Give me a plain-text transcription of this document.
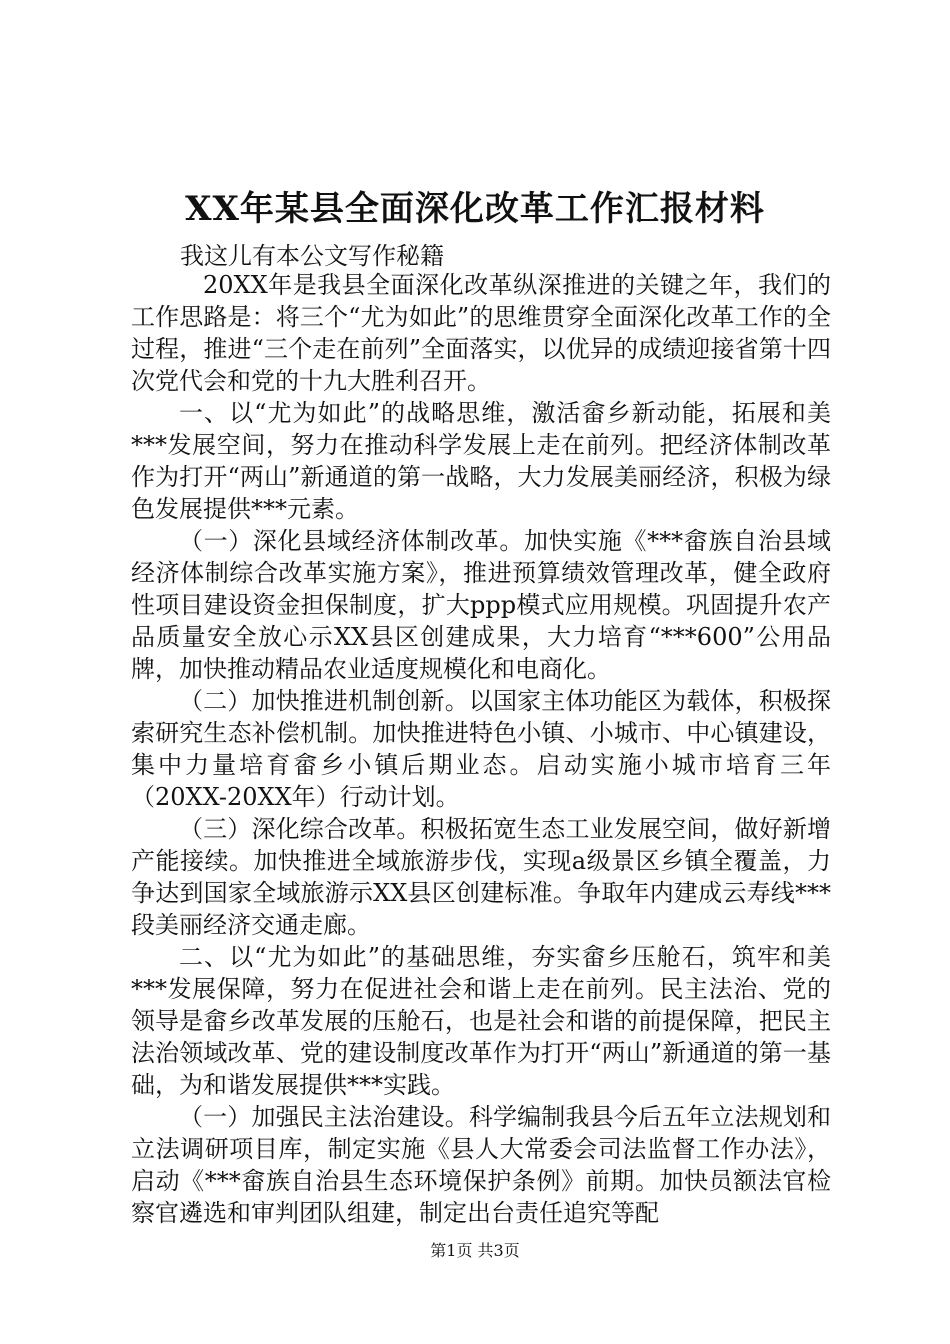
XX年某县全面深化改革工作汇报材料

我这儿有本公文写作秘籍

20XX年是我县全面深化改革纵深推进的关键之年，我们的工作思路是：将三个“尤为如此”的思维贯穿全面深化改革工作的全过程，推进“三个走在前列”全面落实，以优异的成绩迎接省第十四次党代会和党的十九大胜利召开。

一、以“尤为如此”的战略思维，激活畲乡新动能，拓展和美***发展空间，努力在推动科学发展上走在前列。把经济体制改革作为打开“两山”新通道的第一战略，大力发展美丽经济，积极为绿色发展提供***元素。

（一）深化县域经济体制改革。加快实施《***畲族自治县域经济体制综合改革实施方案》，推进预算绩效管理改革，健全政府性项目建设资金担保制度，扩大ppp模式应用规模。巩固提升农产品质量安全放心示XX县区创建成果，大力培育“***600”公用品牌，加快推动精品农业适度规模化和电商化。

（二）加快推进机制创新。以国家主体功能区为载体，积极探索研究生态补偿机制。加快推进特色小镇、小城市、中心镇建设，集中力量培育畲乡小镇后期业态。启动实施小城市培育三年（20XX-20XX年）行动计划。

（三）深化综合改革。积极拓宽生态工业发展空间，做好新增产能接续。加快推进全域旅游步伐，实现a级景区乡镇全覆盖，力争达到国家全域旅游示XX县区创建标准。争取年内建成云寿线***段美丽经济交通走廊。

二、以“尤为如此”的基础思维，夯实畲乡压舱石，筑牢和美***发展保障，努力在促进社会和谐上走在前列。民主法治、党的领导是畲乡改革发展的压舱石，也是社会和谐的前提保障，把民主法治领域改革、党的建设制度改革作为打开“两山”新通道的第一基础，为和谐发展提供***实践。

（一）加强民主法治建设。科学编制我县今后五年立法规划和立法调研项目库，制定实施《县人大常委会司法监督工作办法》，启动《***畲族自治县生态环境保护条例》前期。加快员额法官检察官遴选和审判团队组建，制定出台责任追究等配

第1页 共3页
